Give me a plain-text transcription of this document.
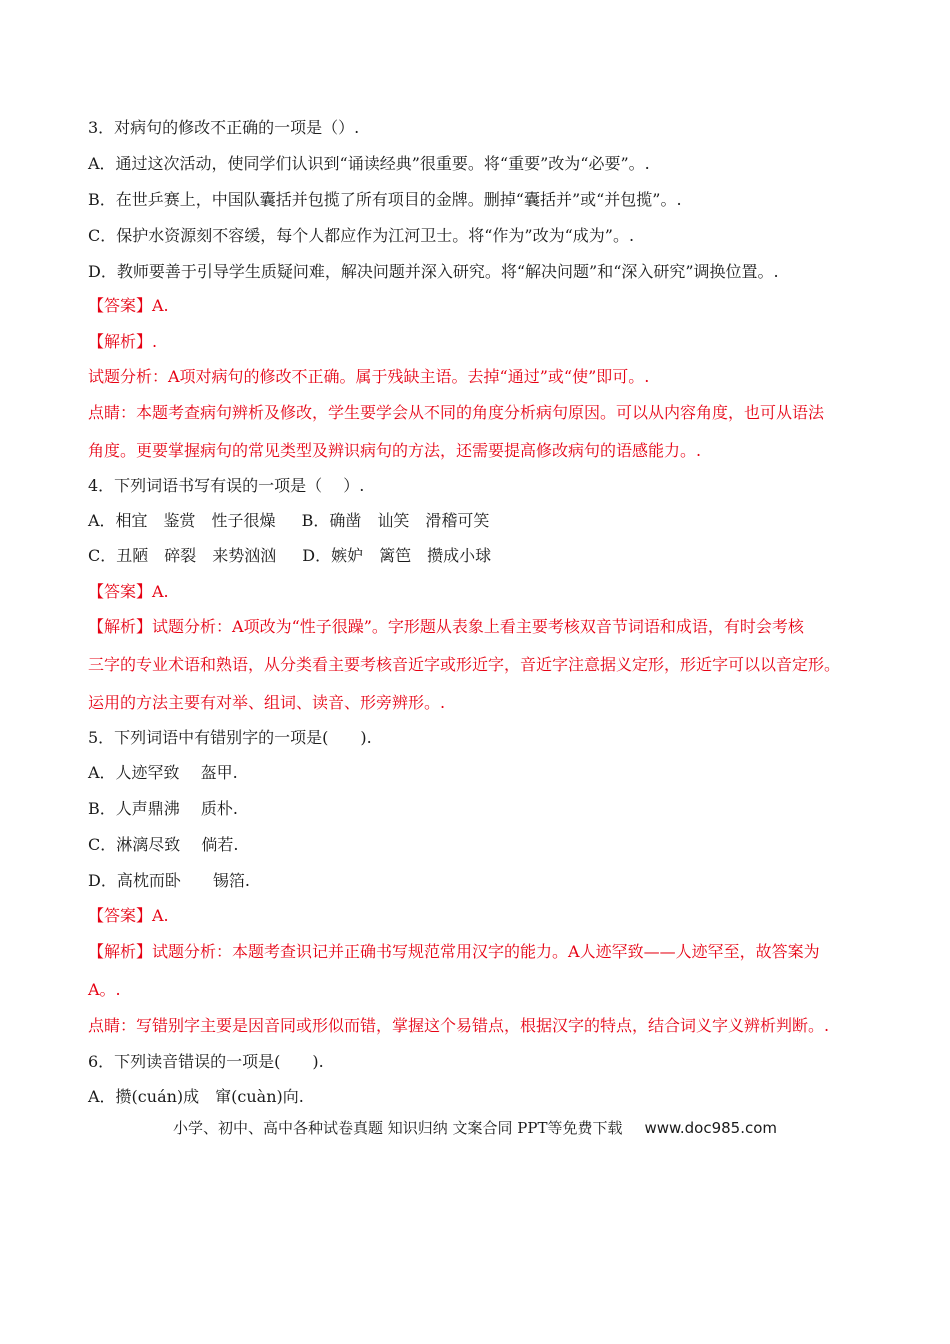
3．对病句的修改不正确的一项是（）.
A．通过这次活动，使同学们认识到“诵读经典”很重要。将“重要”改为“必要”。.
B．在世乒赛上，中国队囊括并包揽了所有项目的金牌。删掉“囊括并”或“并包揽”。.
C．保护水资源刻不容缓，每个人都应作为江河卫士。将“作为”改为“成为”。.
D．教师要善于引导学生质疑问难，解决问题并深入研究。将“解决问题”和“深入研究”调换位置。.
【答案】A.
【解析】.
试题分析：A项对病句的修改不正确。属于残缺主语。去掉“通过”或“使”即可。.
点睛：本题考查病句辨析及修改，学生要学会从不同的角度分析病句原因。可以从内容角度，也可从语法
角度。更要掌握病句的常见类型及辨识病句的方法，还需要提高修改病句的语感能力。.
4．下列词语书写有误的一项是（　 ）.
A．相宜　鉴赏　性子很燥 B．确凿　讪笑　滑稽可笑
C．丑陋　碎裂　来势汹汹 D．嫉妒　篱笆　攒成小球
【答案】A.
【解析】试题分析：A项改为“性子很躁”。字形题从表象上看主要考核双音节词语和成语，有时会考核
三字的专业术语和熟语，从分类看主要考核音近字或形近字，音近字注意据义定形，形近字可以以音定形。
运用的方法主要有对举、组词、读音、形旁辨形。.
5．下列词语中有错别字的一项是(　　).
A．人迹罕致　 盔甲.
B．人声鼎沸　 质朴.
C．淋漓尽致　 倘若.
D．高枕而卧　　锡箔.
【答案】A.
【解析】试题分析：本题考查识记并正确书写规范常用汉字的能力。A人迹罕致——人迹罕至，故答案为
A。.
点睛：写错别字主要是因音同或形似而错，掌握这个易错点，根据汉字的特点，结合词义字义辨析判断。.
6．下列读音错误的一项是(　　).
A．攒(cuán)成　窜(cuàn)向.
小学、初中、高中各种试卷真题 知识归纳 文案合同 PPT等免费下载 www.doc985.com
